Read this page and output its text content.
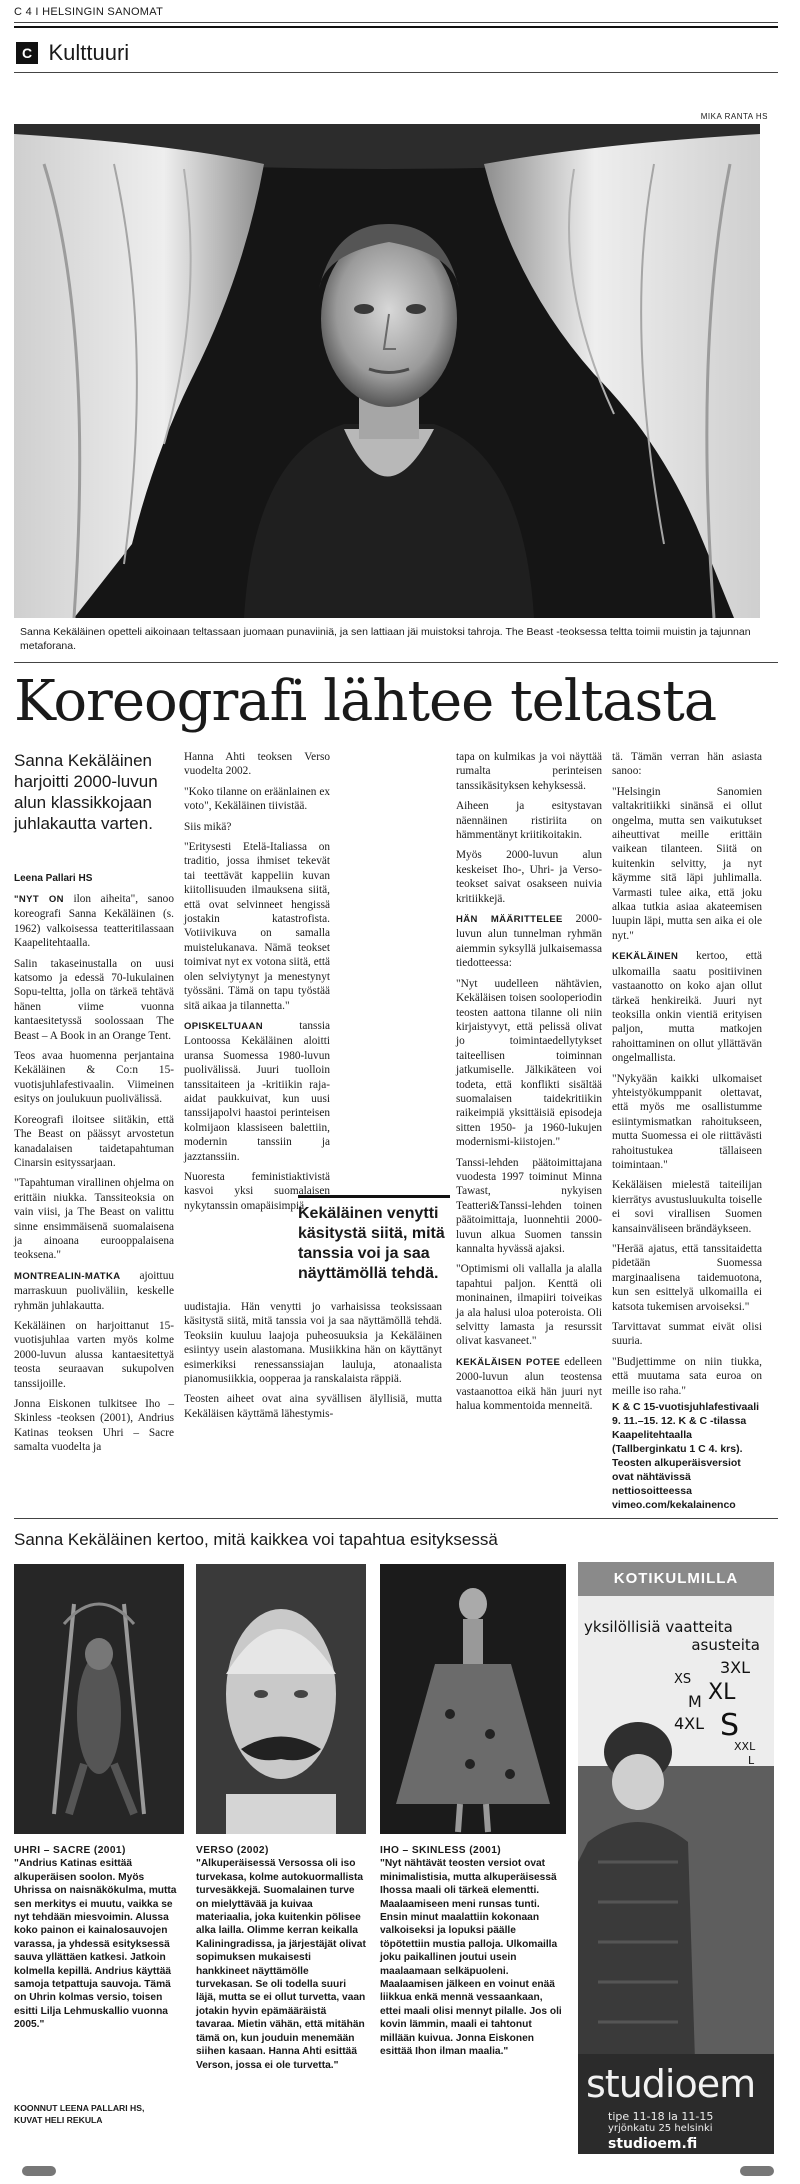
C 4 I HELSINGIN SANOMAT
C Kulttuuri
MIKA RANTA HS
Sanna Kekäläinen opetteli aikoinaan teltassaan juomaan punaviiniä, ja sen lattiaan jäi muistoksi tahroja. The Beast -teoksessa teltta toimii muistin ja tajunnan metaforana.
Koreografi lähtee teltasta
Sanna Kekäläinen harjoitti 2000-luvun alun klassikkojaan juhlakautta varten.
Leena Pallari HS

"NYT ON ilon aiheita", sanoo koreografi Sanna Kekäläinen (s. 1962) valkoisessa teatteritilassaan Kaapelitehtaalla.

Salin takaseinustalla on uusi katsomo ja edessä 70-lukulainen Sopu-teltta, jolla on tärkeä tehtävä hänen viime vuonna kantaesitetyssä soolossaan The Beast – A Book in an Orange Tent.

Teos avaa huomenna perjantaina Kekäläinen & Co:n 15-vuotisjuhlafestivaalin. Viimeinen esitys on joulukuun puolivälissä.

Koreografi iloitsee siitäkin, että The Beast on päässyt arvostetun kanadalaisen taidetapahtuman Cinarsin esityssarjaan.

"Tapahtuman virallinen ohjelma on erittäin niukka. Tanssiteoksia on vain viisi, ja The Beast on valittu sinne ensimmäisenä suomalaisena ja ainoana eurooppalaisena teoksena."

MONTREALIN-MATKA ajoittuu marraskuun puoliväliin, keskelle ryhmän juhlakautta.

Kekäläinen on harjoittanut 15-vuotisjuhlaa varten myös kolme 2000-luvun alussa kantaesitettyä teosta seuraavan sukupolven tanssijoille.

Jonna Eiskonen tulkitsee Iho – Skinless -teoksen (2001), Andrius Katinas teoksen Uhri – Sacre samalta vuodelta ja

Hanna Ahti teoksen Verso vuodelta 2002.

"Koko tilanne on eräänlainen ex voto", Kekäläinen tiivistää.

Siis mikä?

"Eritysesti Etelä-Italiassa on traditio, jossa ihmiset tekevät tai teettävät kappeliin kuvan kiitollisuuden ilmauksena siitä, että ovat selvinneet hengissä jostakin katastrofista. Votiivikuva on samalla muistelukanava. Nämä teokset toimivat nyt ex votona siitä, että olen selviytynyt ja menestynyt työssäni. Tämä on tapu työstää sitä aikaa ja tilannetta."

OPISKELTUAAN tanssia Lontoossa Kekäläinen aloitti uransa Suomessa 1980-luvun puolivälissä. Juuri tuolloin tanssitaiteen ja -kritiikin raja-aidat paukkuivat, kun uusi tanssijapolvi haastoi perinteisen kolmijaon klassiseen balettiin, modernin tanssiin ja jazztanssiin.

Nuoresta feministiaktivistä kasvoi yksi suomalaisen nykytanssin omapäisimpiä

uudistajia. Hän venytti jo varhaisissa teoksissaan käsitystä siitä, mitä tanssia voi ja saa näyttämöllä tehdä. Teoksiin kuuluu laajoja puheosuuksia ja Kekäläinen esiintyy usein alastomana. Musiikkina hän on käyttänyt esimerkiksi renessanssiajan lauluja, atonaalista pianomusiikkia, oopperaa ja ranskalaista räppiä.

Teosten aiheet ovat aina syvällisen älyllisiä, mutta Kekäläisen käyttämä lähestymis-

Kekäläinen venytti käsitystä siitä, mitä tanssia voi ja saa näyttämöllä tehdä.

tapa on kulmikas ja voi näyttää rumalta perinteisen tanssikäsityksen kehyksessä.

Aiheen ja esitystavan näennäinen ristiriita on hämmentänyt kriitikoitakin.

Myös 2000-luvun alun keskeiset Iho-, Uhri- ja Verso-teokset saivat osakseen nuivia kritiikkejä.

HÄN MÄÄRITTELEE 2000-luvun alun tunnelman ryhmän aiemmin syksyllä julkaisemassa tiedotteessa:

"Nyt uudelleen nähtävien, Kekäläisen toisen sooloperiodin teosten aattona tilanne oli niin kirjaistyvyt, että pelissä olivat jo toimintaedellytykset taiteellisen toiminnan jatkumiselle. Jälkikäteen voi todeta, että konflikti sisältää suomalaisen taidekritiikin raikeimpiä yksittäisiä episodeja sitten 1950- ja 1960-lukujen modernismi-kiistojen."

Tanssi-lehden päätoimittajana vuodesta 1997 toiminut Minna Tawast, nykyisen Teatteri&Tanssi-lehden toinen päätoimittaja, luonnehtii 2000-luvun alkua Suomen tanssin kannalta hyvässä ajaksi.

"Optimismi oli vallalla ja alalla tapahtui paljon. Kenttä oli moninainen, ilmapiiri toiveikas ja ala halusi uloa poteroista. Oli selvitty lamasta ja resurssit olivat kasvaneet."

KEKÄLÄISEN POTEE edelleen 2000-luvun alun teostensa vastaanottoa eikä hän juuri nyt halua kommentoida menneitä.

tä. Tämän verran hän asiasta sanoo:

"Helsingin Sanomien valtakritiikki sinänsä ei ollut ongelma, mutta sen vaikutukset aiheuttivat meille erittäin vaikean tilanteen. Siitä on kuitenkin selvitty, ja nyt käymme sitä läpi juhlimalla. Varmasti tulee aika, että joku alkaa tutkia asiaa akateemisen luupin läpi, mutta sen aika ei ole nyt."

KEKÄLÄINEN kertoo, että ulkomailla saatu positiivinen vastaanotto on koko ajan ollut tärkeä henkireikä. Juuri nyt teoksilla onkin vientiä erityisen paljon, mutta matkojen rahoittaminen on ollut yllättävän ongelmallista.

"Nykyään kaikki ulkomaiset yhteistyökumppanit olettavat, että myös me osallistumme esiintymismatkan rahoitukseen, mutta Suomessa ei ole riittävästi rahoitustukea tällaiseen toimintaan."

Kekäläisen mielestä taiteilijan kierrätys avustusluukulta toiselle ei sovi virallisen Suomen kansainväliseen brändäykseen.

"Herää ajatus, että tanssitaidetta pidetään Suomessa marginaalisena taidemuotona, kun sen esittelyä ulkomailla ei katsota tukemisen arvoiseksi."

Tarvittavat summat eivät olisi suuria.

"Budjettimme on niin tiukka, että muutama sata euroa on meille iso raha."

K & C 15-vuotisjuhlafestivaali 9. 11.–15. 12. K & C -tilassa Kaapelitehtaalla (Tallberginkatu 1 C 4. krs). Teosten alkuperäisversiot ovat nähtävissä nettiosoitteessa vimeo.com/kekalainenco
Sanna Kekäläinen kertoo, mitä kaikkea voi tapahtua esityksessä
UHRI – SACRE (2001)
"Andrius Katinas esittää alkuperäisen soolon. Myös Uhrissa on naisnäkökulma, mutta sen merkitys ei muutu, vaikka se nyt tehdään miesvoimin. Alussa koko painon ei kainalosauvojen varassa, ja yhdessä esityksessä sauva yllättäen katkesi. Jatkoin kolmella kepillä. Andrius käyttää samoja tetpattuja sauvoja. Tämä on Uhrin kolmas versio, toisen esitti Lilja Lehmuskallio vuonna 2005."
VERSO (2002)
"Alkuperäisessä Versossa oli iso turvekasa, kolme autokuormallista turvesäkkejä. Suomalainen turve on mielyttävää ja kuivaa materiaalia, joka kuitenkin pölisee alka lailla. Olimme kerran keikalla Kaliningradissa, ja järjestäjät olivat sopimuksen mukaisesti hankkineet näyttämölle turvekasan. Se oli todella suuri läjä, mutta se ei ollut turvetta, vaan jotakin hyvin epämääräistä tavaraa. Mietin vähän, että mitähän tämä on, kun jouduin menemään siihen kasaan. Hanna Ahti esittää Verson, jossa ei ole turvetta."
IHO – SKINLESS (2001)
"Nyt nähtävät teosten versiot ovat minimalistisia, mutta alkuperäisessä Ihossa maali oli tärkeä elementti. Maalaamiseen meni runsas tunti. Ensin minut maalattiin kokonaan valkoiseksi ja lopuksi päälle töpötettiin mustia palloja. Ulkomailla joku paikallinen joutui usein maalaamaan selkäpuoleni. Maalaamisen jälkeen en voinut enää liikkua enkä mennä vessaankaan, ettei maali olisi mennyt pilalle. Jos oli kovin lämmin, maali ei tahtonut millään kuivua. Jonna Eiskonen esittää Ihon ilman maalia."
KOONNUT LEENA PALLARI HS,
KUVAT HELI REKULA
KOTIKULMILLA
yksilöllisiä vaatteita
asusteita
3XL
XS
XL
M
4XL S
XXL
L
studioem
tipe 11-18 la 11-15
yrjönkatu 25 helsinki
studioem.fi
